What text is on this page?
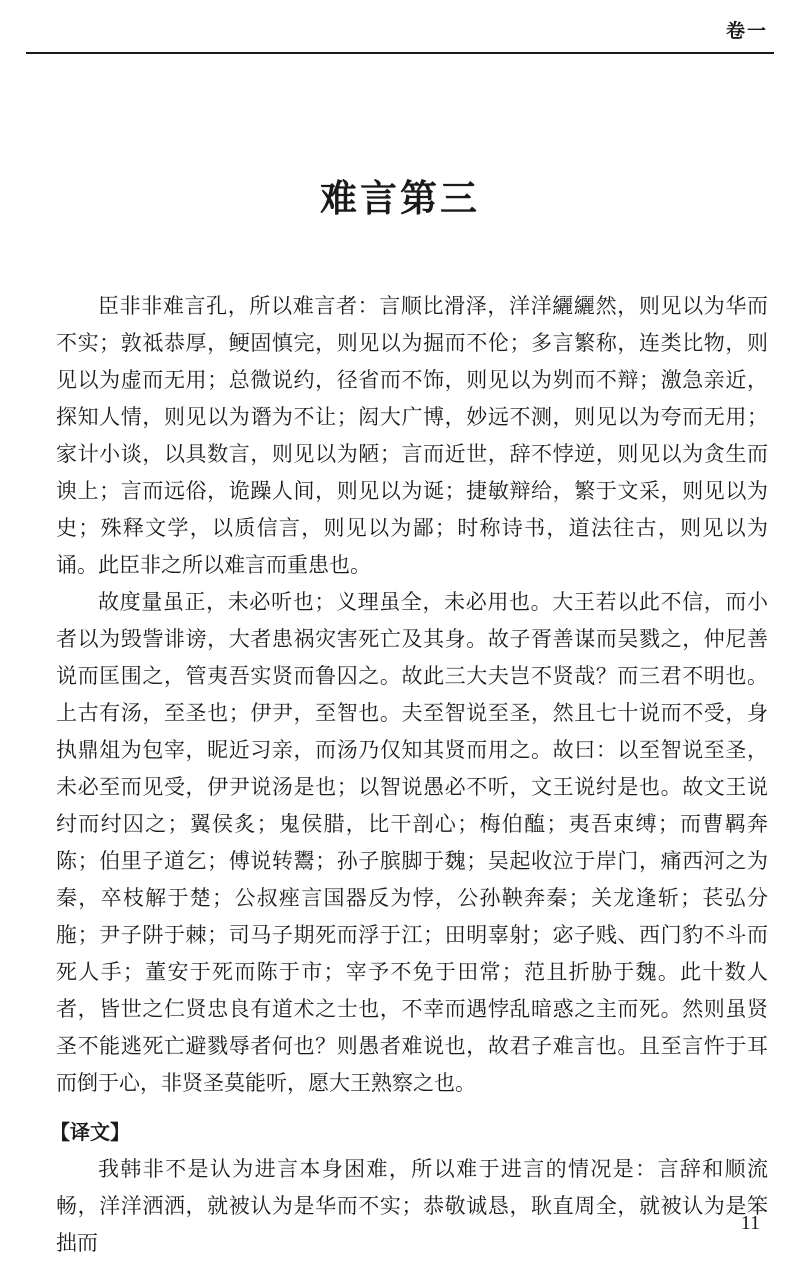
卷一
难言第三

臣非非难言孔，所以难言者：言顺比滑泽，洋洋纚纚然，则见以为华而不实；敦祗恭厚，鲠固慎完，则见以为掘而不伦；多言繁称，连类比物，则见以为虚而无用；总微说约，径省而不饰，则见以为刿而不辩；激急亲近，探知人情，则见以为谮为不让；闳大广博，妙远不测，则见以为夸而无用；家计小谈，以具数言，则见以为陋；言而近世，辞不悖逆，则见以为贪生而谀上；言而远俗，诡躁人间，则见以为诞；捷敏辩给，繁于文采，则见以为史；殊释文学，以质信言，则见以为鄙；时称诗书，道法往古，则见以为诵。此臣非之所以难言而重患也。

故度量虽正，未必听也；义理虽全，未必用也。大王若以此不信，而小者以为毁訾诽谤，大者患祸灾害死亡及其身。故子胥善谋而吴戮之，仲尼善说而匡围之，管夷吾实贤而鲁囚之。故此三大夫岂不贤哉？而三君不明也。上古有汤，至圣也；伊尹，至智也。夫至智说至圣，然且七十说而不受，身执鼎俎为包宰，昵近习亲，而汤乃仅知其贤而用之。故曰：以至智说至圣，未必至而见受，伊尹说汤是也；以智说愚必不听，文王说纣是也。故文王说纣而纣囚之；翼侯炙；鬼侯腊，比干剖心；梅伯醢；夷吾束缚；而曹羁奔陈；伯里子道乞；傅说转鬻；孙子膑脚于魏；吴起收泣于岸门，痛西河之为秦，卒枝解于楚；公叔痤言国器反为悖，公孙鞅奔秦；关龙逢斩；苌弘分胣；尹子阱于棘；司马子期死而浮于江；田明辜射；宓子贱、西门豹不斗而死人手；董安于死而陈于市；宰予不免于田常；范且折胁于魏。此十数人者，皆世之仁贤忠良有道术之士也，不幸而遇悖乱暗惑之主而死。然则虽贤圣不能逃死亡避戮辱者何也？则愚者难说也，故君子难言也。且至言忤于耳而倒于心，非贤圣莫能听，愿大王熟察之也。

【译文】

我韩非不是认为进言本身困难，所以难于进言的情况是：言辞和顺流畅，洋洋洒洒，就被认为是华而不实；恭敬诚恳，耿直周全，就被认为是笨拙而

11
